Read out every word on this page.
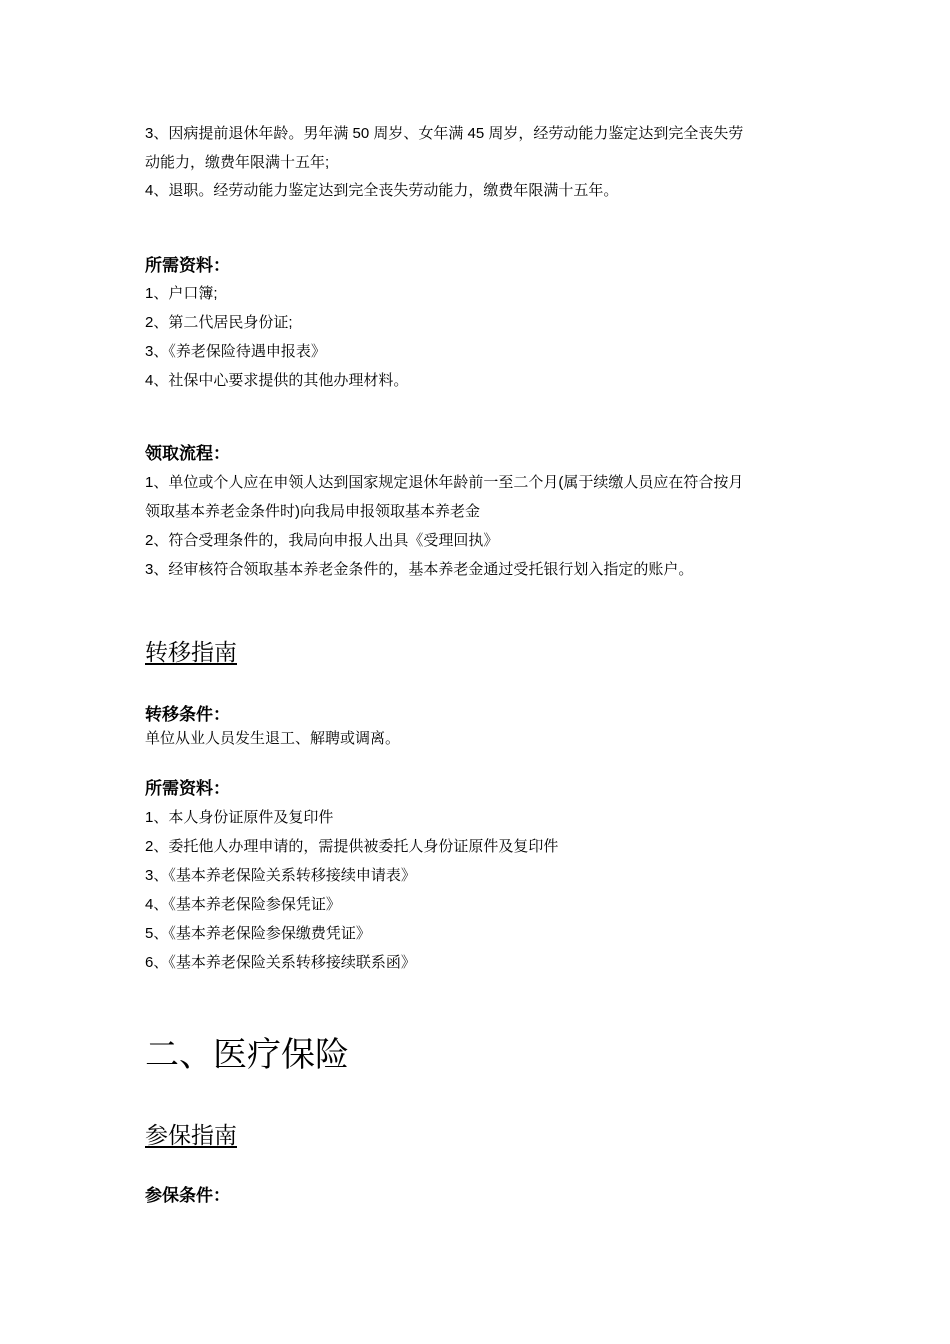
3、因病提前退休年龄。男年满 50 周岁、女年满 45 周岁，经劳动能力鉴定达到完全丧失劳
动能力，缴费年限满十五年;
4、退职。经劳动能力鉴定达到完全丧失劳动能力，缴费年限满十五年。
所需资料：
1、户口簿;
2、第二代居民身份证;
3、《养老保险待遇申报表》
4、社保中心要求提供的其他办理材料。
领取流程：
1、单位或个人应在申领人达到国家规定退休年龄前一至二个月(属于续缴人员应在符合按月
领取基本养老金条件时)向我局申报领取基本养老金
2、符合受理条件的，我局向申报人出具《受理回执》
3、经审核符合领取基本养老金条件的，基本养老金通过受托银行划入指定的账户。
转移指南
转移条件：
单位从业人员发生退工、解聘或调离。
所需资料：
1、本人身份证原件及复印件
2、委托他人办理申请的，需提供被委托人身份证原件及复印件
3、《基本养老保险关系转移接续申请表》
4、《基本养老保险参保凭证》
5、《基本养老保险参保缴费凭证》
6、《基本养老保险关系转移接续联系函》
二、医疗保险
参保指南
参保条件：
